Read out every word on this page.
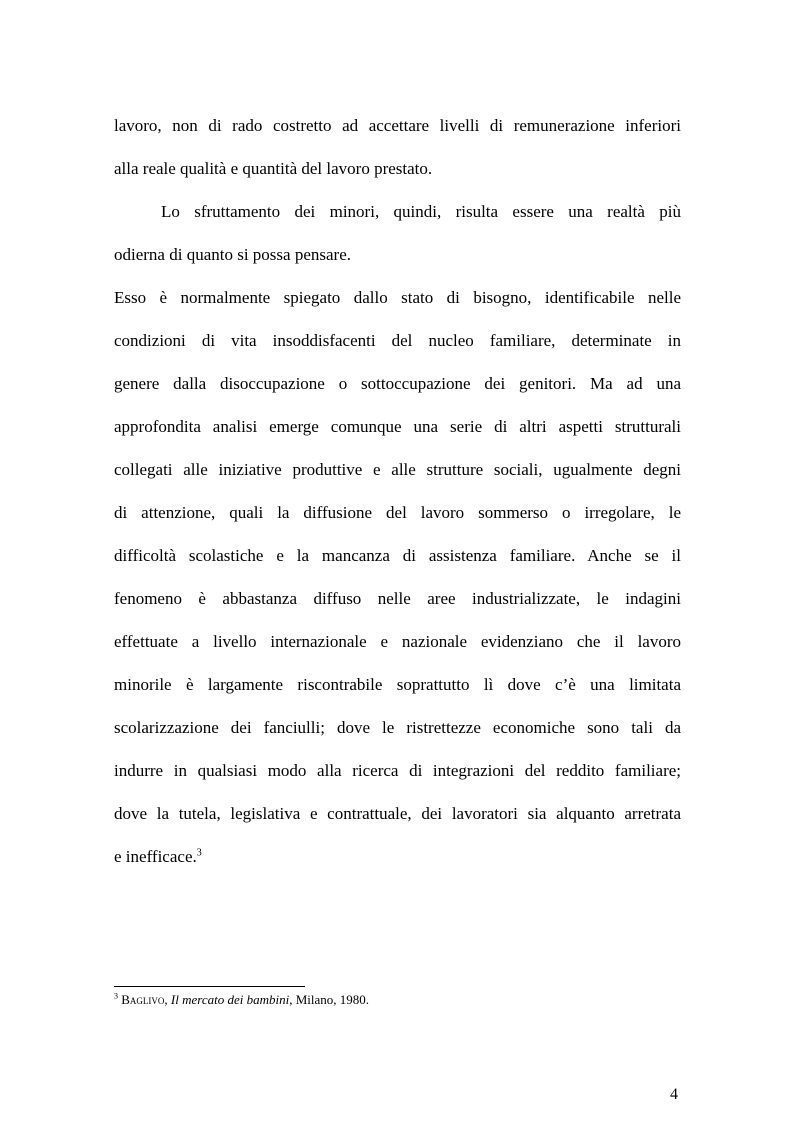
lavoro, non di rado costretto ad accettare livelli di remunerazione inferiori

alla reale qualità e quantità del lavoro prestato.

Lo sfruttamento dei minori, quindi, risulta essere una realtà più

odierna di quanto si possa pensare.

Esso è normalmente spiegato dallo stato di bisogno, identificabile nelle

condizioni di vita insoddisfacenti del nucleo familiare, determinate in

genere dalla disoccupazione o sottoccupazione dei genitori. Ma ad una

approfondita analisi emerge comunque una serie di altri aspetti strutturali

collegati alle iniziative produttive e alle strutture sociali, ugualmente degni

di attenzione, quali la diffusione del lavoro sommerso o irregolare, le

difficoltà scolastiche e la mancanza di assistenza familiare. Anche se il

fenomeno è abbastanza diffuso nelle aree industrializzate, le indagini

effettuate a livello internazionale e nazionale evidenziano che il lavoro

minorile è largamente riscontrabile soprattutto lì dove c’è una limitata

scolarizzazione dei fanciulli; dove le ristrettezze economiche sono tali da

indurre in qualsiasi modo alla ricerca di integrazioni del reddito familiare;

dove la tutela, legislativa e contrattuale, dei lavoratori sia alquanto arretrata

e inefficace.$^3$

$^3$ Baglivo, Il mercato dei bambini, Milano, 1980.
4
